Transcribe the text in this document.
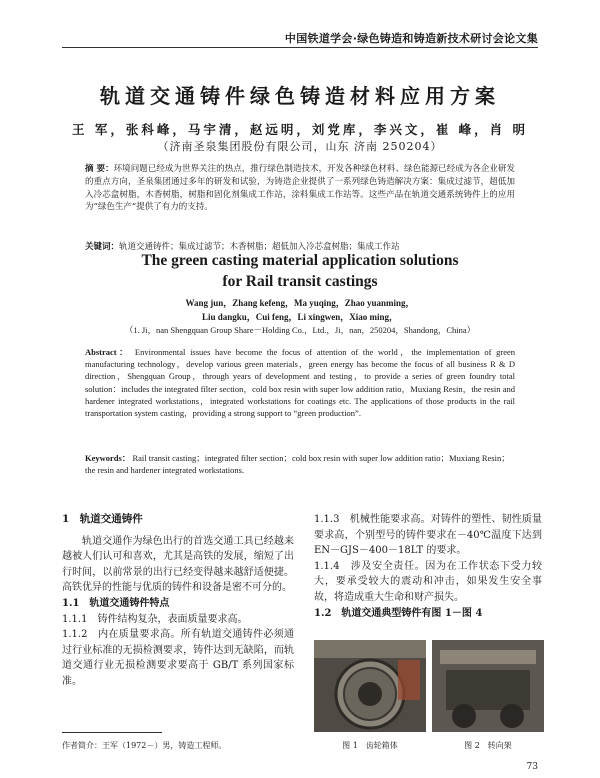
中国铁道学会·绿色铸造和铸造新技术研讨会论文集
轨道交通铸件绿色铸造材料应用方案
王 军，张科峰，马宇清，赵远明，刘党库，李兴文，崔 峰，肖 明
（济南圣泉集团股份有限公司，山东 济南 250204）
摘 要：环境问题已经成为世界关注的热点，推行绿色制造技术，开发各种绿色材料、绿色能源已经成为各企业研发的重点方向，圣泉集团通过多年的研发和试验，为铸造企业提供了一系列绿色铸造解决方案：集成过滤节，超低加入冷芯盒树脂，木香树脂，树脂和固化剂集成工作站，涂料集成工作站等。这些产品在轨道交通系统铸件上的应用为“绿色生产”提供了有力的支持。
关键词：轨道交通铸件；集成过滤节；木香树脂；超低加入冷芯盒树脂；集成工作站
The green casting material application solutions
for Rail transit castings
Wang jun，Zhang kefeng，Ma yuqing，Zhao yuanming，
Liu dangku，Cui feng，Li xingwen，Xiao ming，
（1. Ji，nan Shengquan Group Share－Holding Co.，Ltd.，Ji，nan，250204，Shandong，China）
Abstract： Environmental issues have become the focus of attention of the world，the implementation of green manufacturing technology，develop various green materials，green energy has become the focus of all business R & D direction，Shengquan Group，through years of development and testing，to provide a series of green foundry total solution：includes the integrated filter section，cold box resin with super low addition ratio，Muxiang Resin，the resin and hardener integrated workstations，integrated workstations for coatings etc. The applications of those products in the rail transportation system casting，providing a strong support to “green production”.
Keywords： Rail transit casting；integrated filter section；cold box resin with super low addition ratio；Muxiang Resin；the resin and hardener integrated workstations.
1　轨道交通铸件
轨道交通作为绿色出行的首选交通工具已经越来越被人们认可和喜欢，尤其是高铁的发展，缩短了出行时间，以前常景的出行已经变得越来越舒适便捷。高铁优异的性能与优质的铸件和设备是密不可分的。
1.1　轨道交通铸件特点
1.1.1　铸件结构复杂，表面质量要求高。
1.1.2　内在质量要求高。所有轨道交通铸件必须通过行业标准的无损检测要求，铸件达到无缺陷，而轨道交通行业无损检测要求要高于 GB/T 系列国家标准。
1.1.3　机械性能要求高。对铸件的塑性、韧性质量要求高，个别型号的铸件要求在－40℃温度下达到 EN－GJS－400－18LT 的要求。
1.1.4　涉及安全责任。因为在工作状态下受力较大，要承受较大的震动和冲击，如果发生安全事故，将造成重大生命和财产损失。
1.2　轨道交通典型铸件有图 1－图 4
作者简介：王军（1972－）男，铸造工程师。	图 1　齿轮箱体	图 2　转向架
73
